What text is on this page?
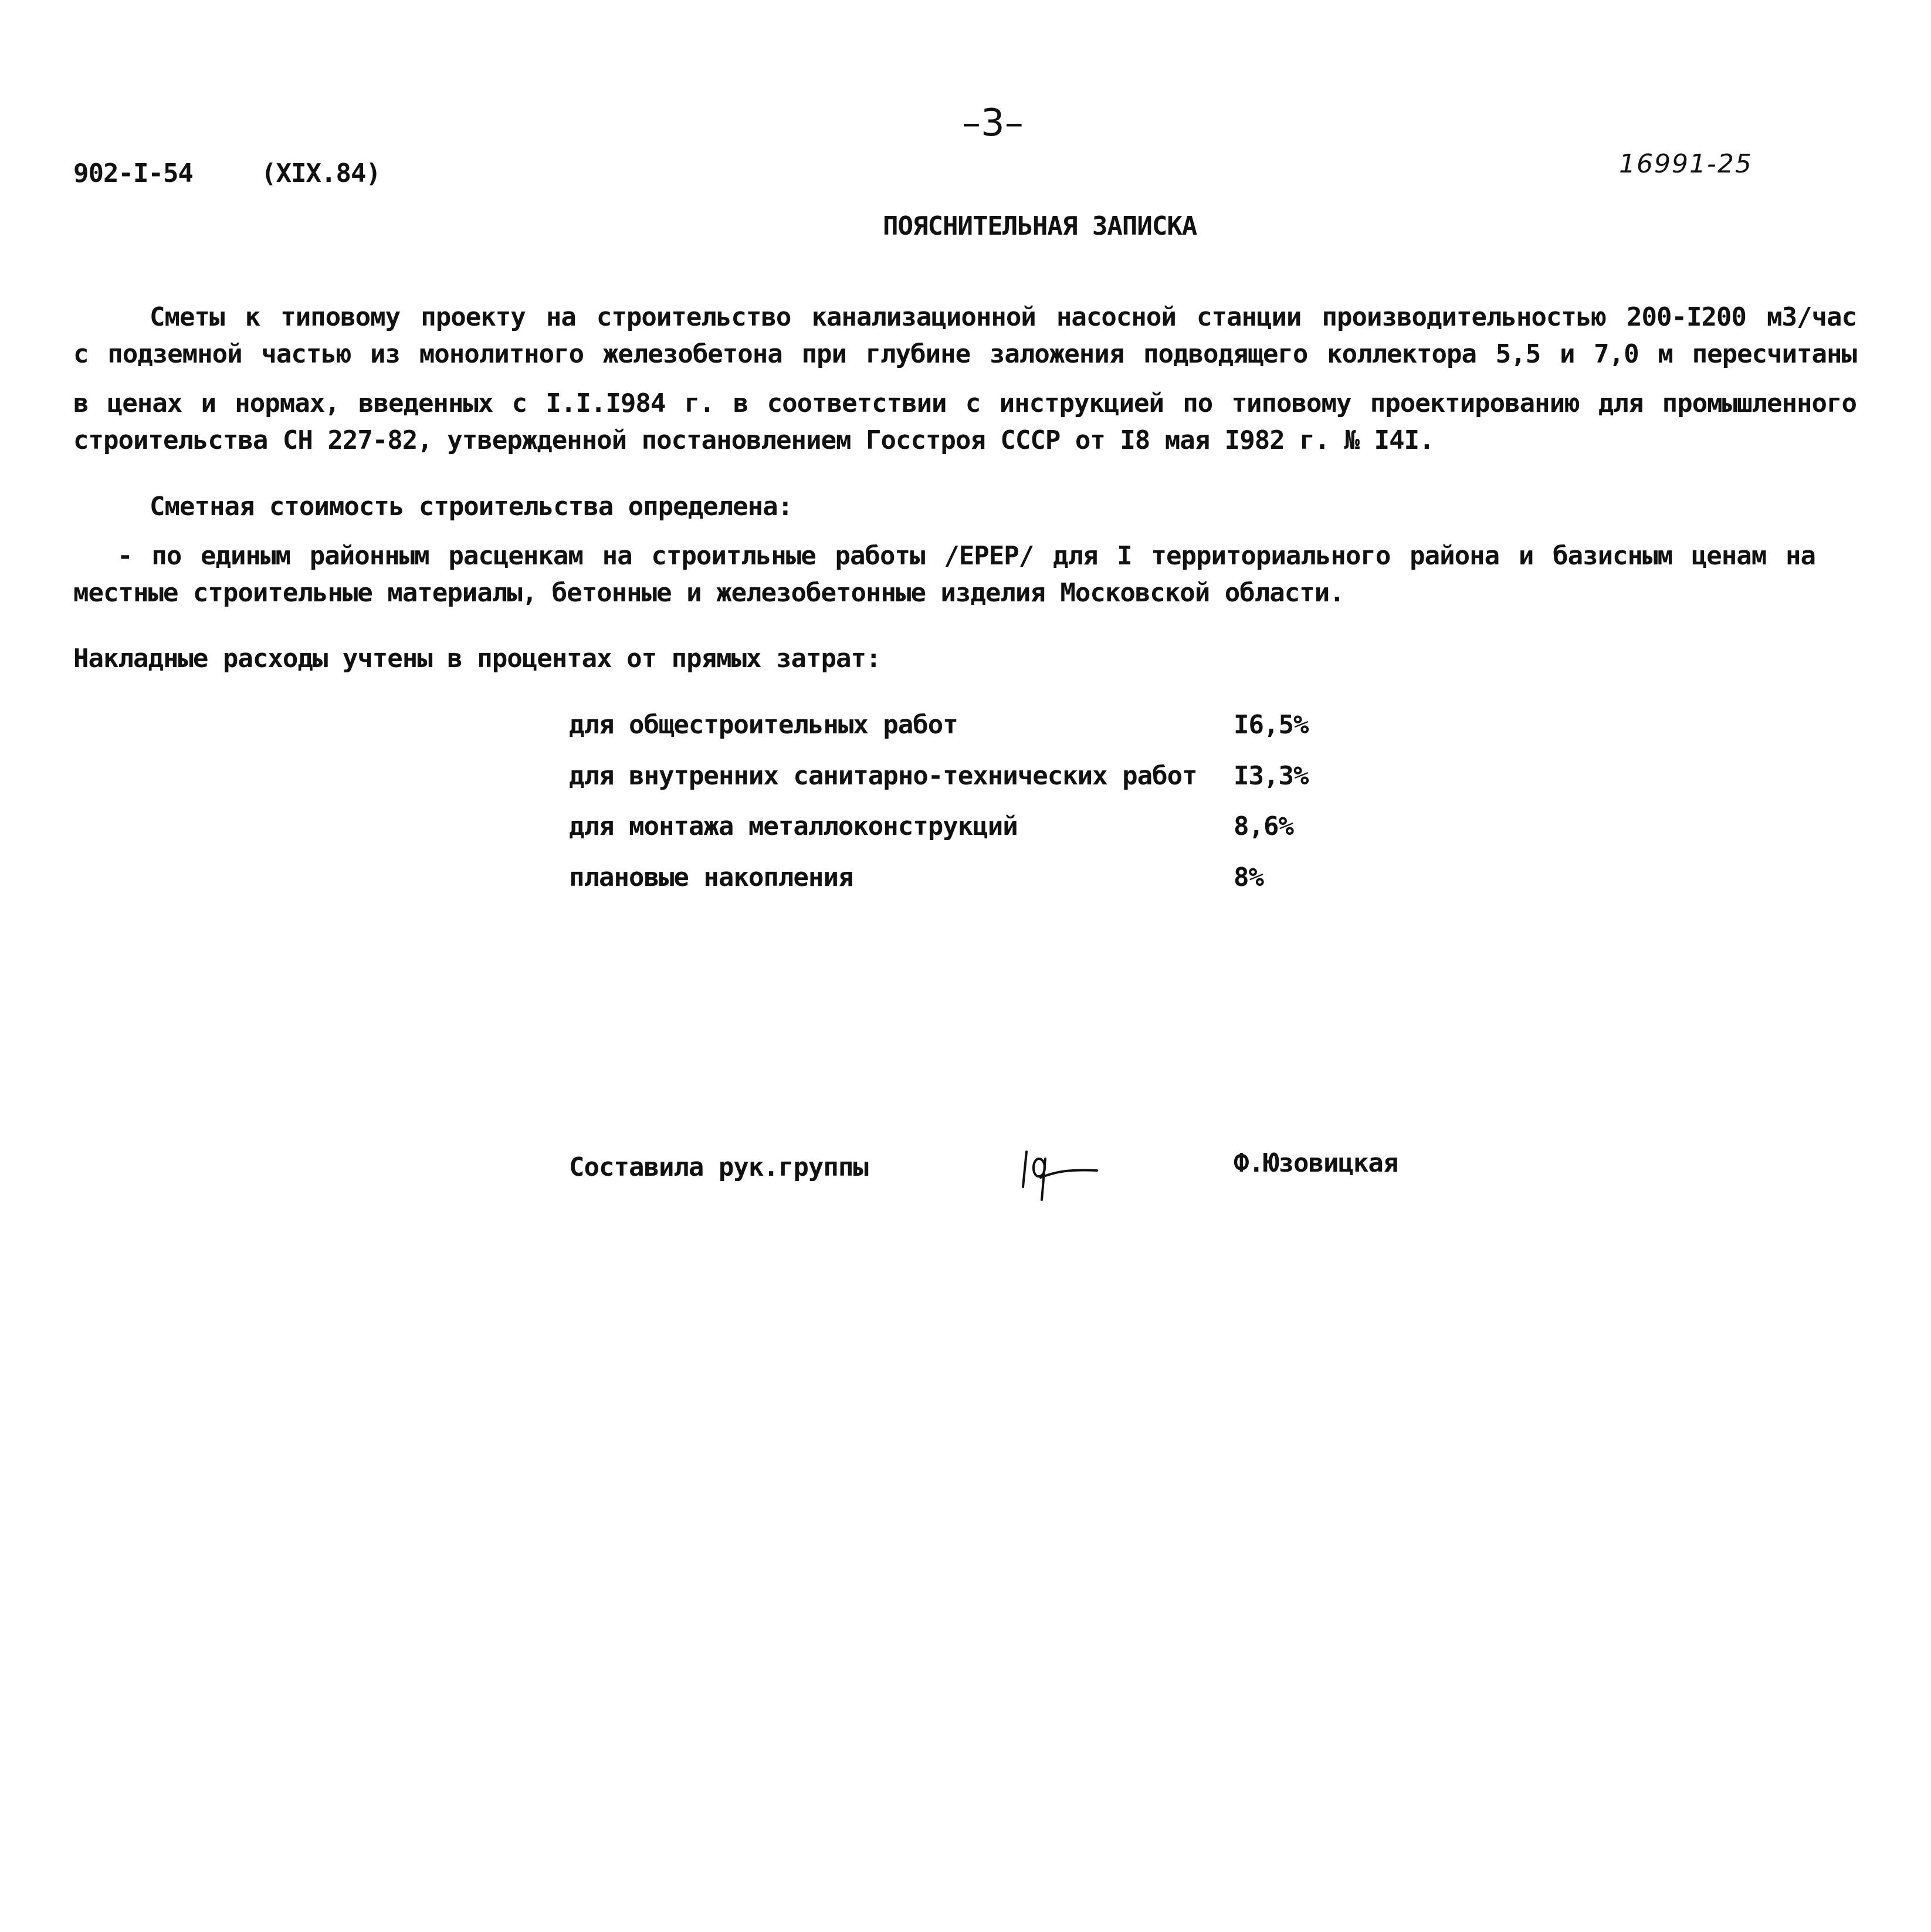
–3–
902-I-54	(XIX.84)	16991-25
ПОЯСНИТЕЛЬНАЯ ЗАПИСКА
Сметы к типовому проекту на строительство канализационной насосной станции производительностью 200-I200 м3/час
с подземной частью из монолитного железобетона при глубине заложения подводящего коллектора 5,5 и 7,0 м пересчитаны
в ценах и нормах, введенных с I.I.I984 г. в соответствии с инструкцией по типовому проектированию для промышленного
строительства СН 227-82, утвержденной постановлением Госстроя СССР от I8 мая I982 г. № I4I.
Сметная стоимость строительства определена:
- по единым районным расценкам на строитльные работы /ЕРЕР/ для I территориального района и базисным ценам на
местные строительные материалы, бетонные и железобетонные изделия Московской области.
Накладные расходы учтены в процентах от прямых затрат:
для общестроительных работ	I6,5%
для внутренних санитарно-технических работ I3,3%
для монтажа металлоконструкций	8,6%
плановые накопления	8%
Составила рук.группы	Ф.Юзовицкая
